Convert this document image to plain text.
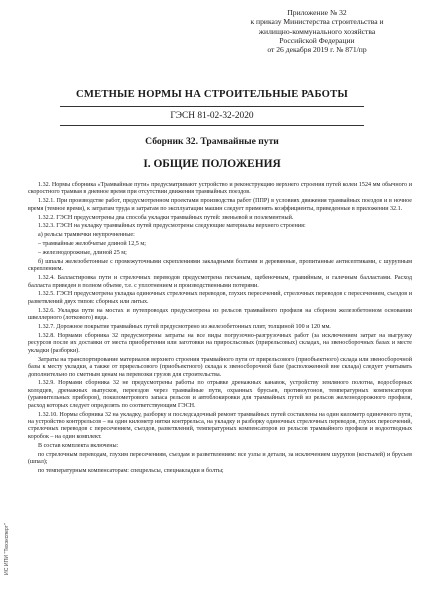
Приложение № 32
к приказу Министерства строительства и
жилищно-коммунального хозяйства
Российской Федерации
от 26 декабря 2019 г. № 871/пр
СМЕТНЫЕ НОРМЫ НА СТРОИТЕЛЬНЫЕ РАБОТЫ
ГЭСН 81-02-32-2020
Сборник 32. Трамвайные пути
I. ОБЩИЕ ПОЛОЖЕНИЯ

1.32. Нормы сборника «Трамвайные пути» предусматривают устройство и реконструкцию верхнего строения путей колеи 1524 мм обычного и скоростного трамвая в дневное время при отсутствии движения трамвайных поездов.

1.32.1. При производстве работ, предусмотренном проектами производства работ (ППР) в условиях движения трамвайных поездов и в ночное время (темное время), к затратам труда и затратам по эксплуатации машин следует применять коэффициенты, приведенные в приложении 32.1.

1.32.2. ГЭСН предусмотрены два способа укладки трамвайных путей: звеньевой и поэлементный.

1.32.3. ГЭСН на укладку трамвайных путей предусмотрены следующие материалы верхнего строения:

а) рельсы трамвечки неупрочненные:

– трамвайные желобчатые длиной 12,5 м;

– железнодорожные, длиной 25 м;

б) шпалы железобетонные с промежуточными скреплениями закладными болтами и деревянные, пропитанные антисептиками, с шурупным скреплением.

1.32.4. Балластировка пути и стрелочных переводов предусмотрена песчаным, щебеночным, гравийным, и галечным балластами. Расход балласта приведен в полном объеме, т.е. с уплотнением и производственными потерями.

1.32.5. ГЭСН предусмотрена укладка одиночных стрелочных переводов, глухих пересечений, стрелочных переводов с пересечением, съездов и разветвлений двух типов: сборных или литых.

1.32.6. Укладка пути на мостах и путепроводах предусмотрена из рельсов трамвайного профиля на сборном железобетонном основании швеллерного (лоткового) вида.

1.32.7. Дорожное покрытие трамвайных путей предусмотрено из железобетонных плит, толщиной 100 и 120 мм.

1.32.8. Нормами сборника 32 предусмотрены затраты на все виды погрузочно-разгрузочных работ (за исключением затрат на выгрузку ресурсов после их доставки от места приобретения или заготовки на приросльсовых (прирельсовых) складах, на звеносборочных базах и месте укладки (разборки).

Затраты на транспортирование материалов верхнего строения трамвайного пути от прирельсового (приобъектного) склада или звеносборочной базы к месту укладки, а также от прирельсового (приобъектного) склада к звеносборочной базе (расположенной вне склада) следует учитывать дополнительно по сметным ценам на перевозки грузов для строительства.

1.32.9. Нормами сборника 32 не предусмотрены работы по отрывке дренажных канавок, устройству земляного полотна, водосборных колодцев, дренажных выпусков, переездов через трамвайные пути, охранных брусьев, противоугонов, температурных компенсаторов (уравнительных приборов), покилометрового запаса рельсов и автоблокировки для трамвайных путей из рельсов железнодорожного профиля, расход которых следует определять по соответствующим ГЭСН.

1.32.10. Нормы сборника 32 на укладку, разборку и последсадочный ремонт трамвайных путей составлены на один километр одиночного пути, на устройство контррельсов – на один километр нитки контррельса, на укладку и разборку одиночных стрелочных переводов, глухих пересечений, стрелочных переводов с пересечением, съездов, разветвлений, температурных компенсаторов из рельсов трамвайного профиля и водоотводных коробок – на один комплект.

В состав комплекта включены:

по стрелочным переводам, глухим пересечениям, съездам и разветвлениям: все узлы и детали, за исключением шурупов (костылей) и брусьев (шпал);

по температурным компенсаторам: спецрельсы, спецнакладки и болты;

ИС ИПИ "Техэксперт"
